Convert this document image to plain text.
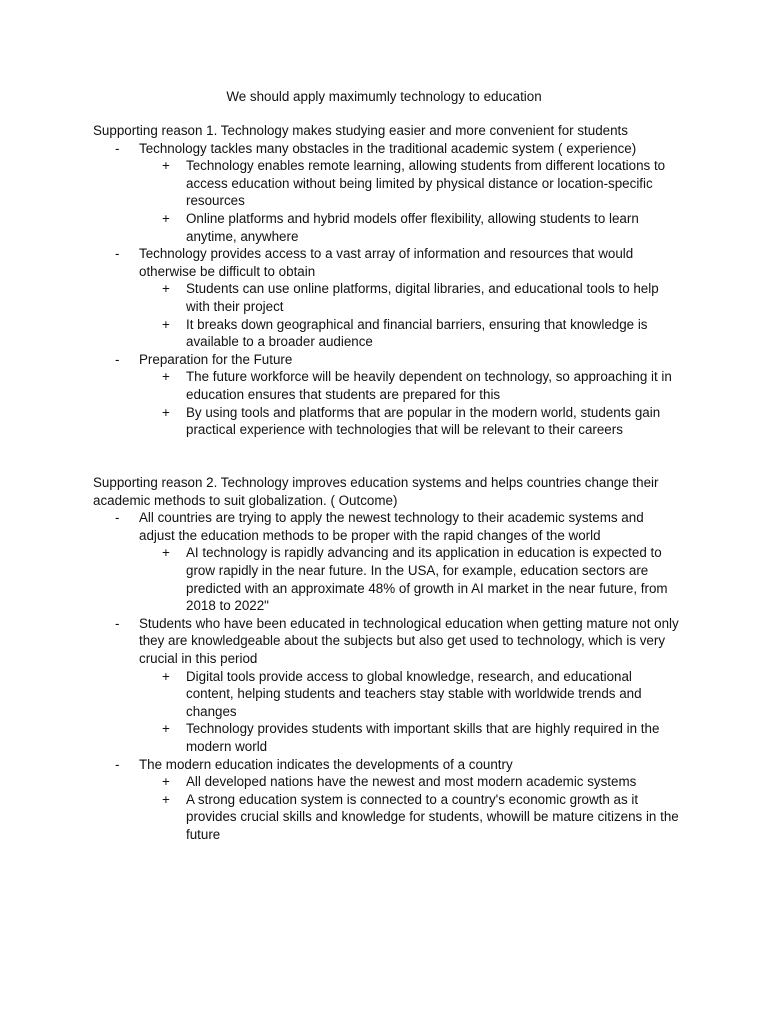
We should apply maximumly technology to education
Supporting reason 1. Technology makes studying easier and more convenient for students
- Technology tackles many obstacles in the traditional academic system ( experience)
+ Technology enables remote learning, allowing students from different locations to access education without being limited by physical distance or location-specific resources
+ Online platforms and hybrid models offer flexibility, allowing students to learn anytime, anywhere
- Technology provides access to a vast array of information and resources that would otherwise be difficult to obtain
+ Students can use online platforms, digital libraries, and educational tools to help with their project
+ It breaks down geographical and financial barriers, ensuring that knowledge is available to a broader audience
- Preparation for the Future
+ The future workforce will be heavily dependent on technology, so approaching it in education ensures that students are prepared for this
+ By using tools and platforms that are popular in the modern world, students gain practical experience with technologies that will be relevant to their careers
Supporting reason 2. Technology improves education systems and helps countries change their academic methods to suit globalization. ( Outcome)
- All countries are trying to apply the newest technology to their academic systems and adjust the education methods to be proper with the rapid changes of the world
+ AI technology is rapidly advancing and its application in education is expected to grow rapidly in the near future. In the USA, for example, education sectors are predicted with an approximate 48% of growth in AI market in the near future, from 2018 to 2022"
- Students who have been educated in technological education when getting mature not only they are knowledgeable about the subjects but also get used to technology, which is very crucial in this period
+ Digital tools provide access to global knowledge, research, and educational content, helping students and teachers stay stable with worldwide trends and changes
+ Technology provides students with important skills that are highly required in the modern world
- The modern education indicates the developments of a country
+ All developed nations have the newest and most modern academic systems
+ A strong education system is connected to a country's economic growth as it provides crucial skills and knowledge for students, whowill be mature citizens in the future
